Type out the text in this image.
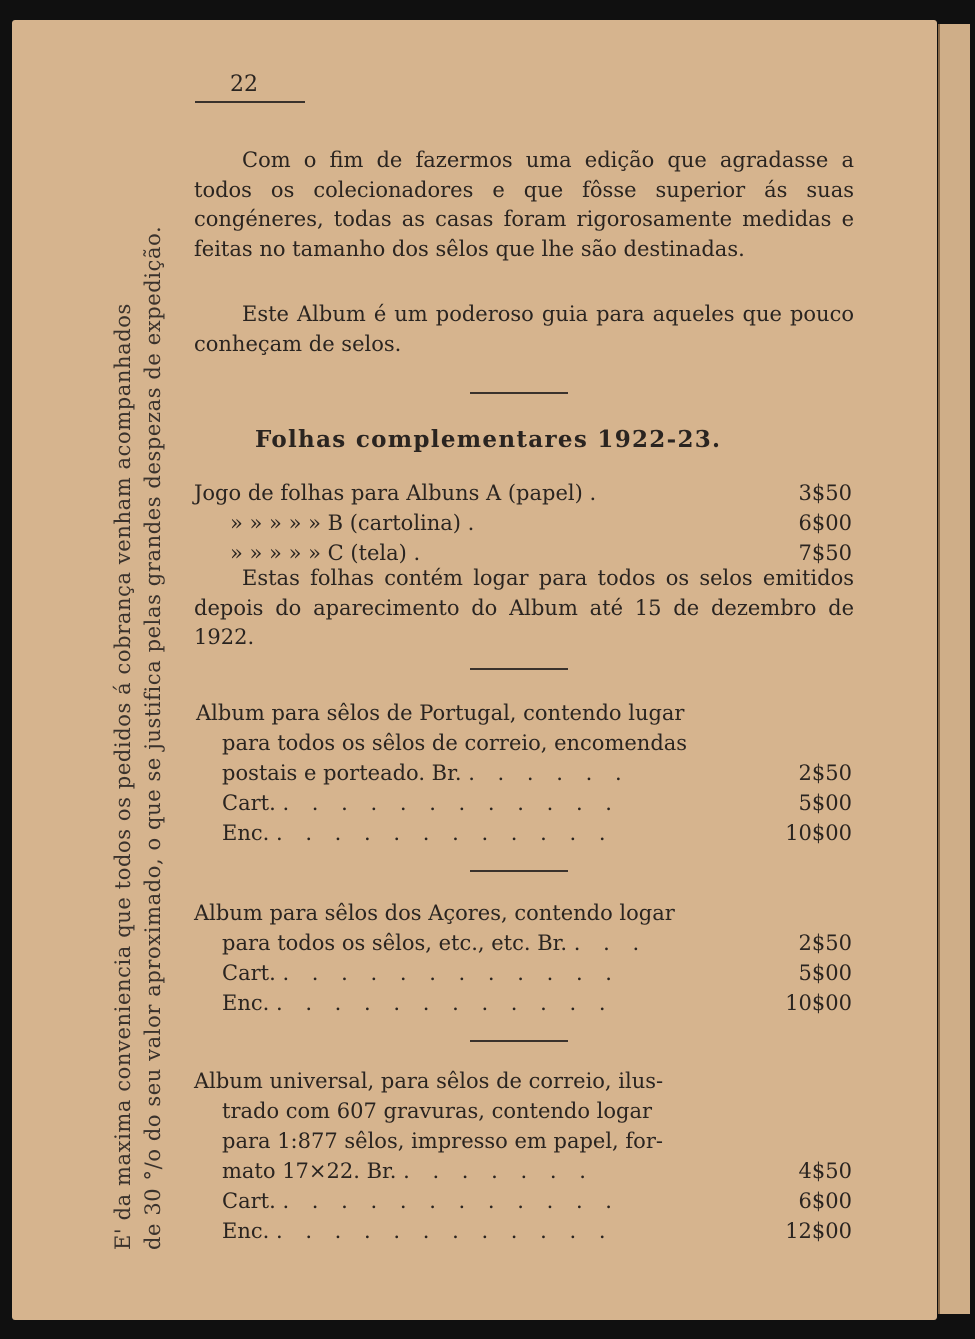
E' da maxima conveniencia que todos os pedidos á cobrança venham acompanhados de 30 °/o do seu valor aproximado, o que se justifica pelas grandes despezas de expedição.
22

Com o fim de fazermos uma edição que agradasse a todos os colecionadores e que fôsse superior ás suas congéneres, todas as casas foram rigorosamente medidas e feitas no tamanho dos sêlos que lhe são destinadas.

Este Album é um poderoso guia para aqueles que pouco conheçam de selos.

Folhas complementares 1922-23.
Jogo de folhas para Albuns A (papel) .	3$50
» » » » » B (cartolina) .	6$00
» » » » » C (tela) .	7$50

Estas folhas contém logar para todos os selos emitidos depois do aparecimento do Album até 15 de dezembro de 1922.

Album para sêlos de Portugal, contendo lugar
para todos os sêlos de correio, encomendas
postais e porteado. Br. . . . . . .	2$50
Cart. . . . . . . . . . . . .	5$00
Enc. . . . . . . . . . . . .	10$00
Album para sêlos dos Açores, contendo logar
para todos os sêlos, etc., etc. Br. . . .	2$50
Cart. . . . . . . . . . . . .	5$00
Enc. . . . . . . . . . . . .	10$00
Album universal, para sêlos de correio, ilus-
trado com 607 gravuras, contendo logar
para 1:877 sêlos, impresso em papel, for-
mato 17×22. Br. . . . . . . .	4$50
Cart. . . . . . . . . . . . .	6$00
Enc. . . . . . . . . . . . .	12$00
